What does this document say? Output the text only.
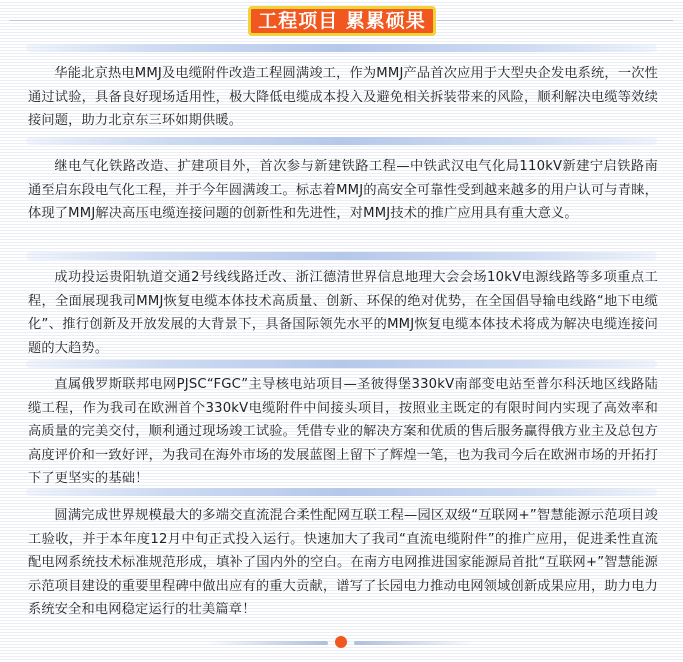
工程项目 累累硕果

华能北京热电MMJ及电缆附件改造工程圆满竣工，作为MMJ产品首次应用于大型央企发电系统，一次性通过试验，具备良好现场适用性，极大降低电缆成本投入及避免相关拆装带来的风险，顺利解决电缆等效续接问题，助力北京东三环如期供暖。

继电气化铁路改造、扩建项目外，首次参与新建铁路工程—中铁武汉电气化局110kV新建宁启铁路南通至启东段电气化工程，并于今年圆满竣工。标志着MMJ的高安全可靠性受到越来越多的用户认可与青睐，体现了MMJ解决高压电缆连接问题的创新性和先进性，对MMJ技术的推广应用具有重大意义。

成功投运贵阳轨道交通2号线线路迁改、浙江德清世界信息地理大会会场10kV电源线路等多项重点工程，全面展现我司MMJ恢复电缆本体技术高质量、创新、环保的绝对优势，在全国倡导输电线路“地下电缆化”、推行创新及开放发展的大背景下，具备国际领先水平的MMJ恢复电缆本体技术将成为解决电缆连接问题的大趋势。

直属俄罗斯联邦电网PJSC“FGC”主导核电站项目—圣彼得堡330kV南部变电站至普尔科沃地区线路陆缆工程，作为我司在欧洲首个330kV电缆附件中间接头项目，按照业主既定的有限时间内实现了高效率和高质量的完美交付，顺利通过现场竣工试验。凭借专业的解决方案和优质的售后服务赢得俄方业主及总包方高度评价和一致好评，为我司在海外市场的发展蓝图上留下了辉煌一笔，也为我司今后在欧洲市场的开拓打下了更坚实的基础！

圆满完成世界规模最大的多端交直流混合柔性配网互联工程—园区双级“互联网+”智慧能源示范项目竣工验收，并于本年度12月中旬正式投入运行。快速加大了我司“直流电缆附件”的推广应用，促进柔性直流配电网系统技术标准规范形成，填补了国内外的空白。在南方电网推进国家能源局首批“互联网+”智慧能源示范项目建设的重要里程碑中做出应有的重大贡献，谱写了长园电力推动电网领域创新成果应用，助力电力系统安全和电网稳定运行的壮美篇章！
